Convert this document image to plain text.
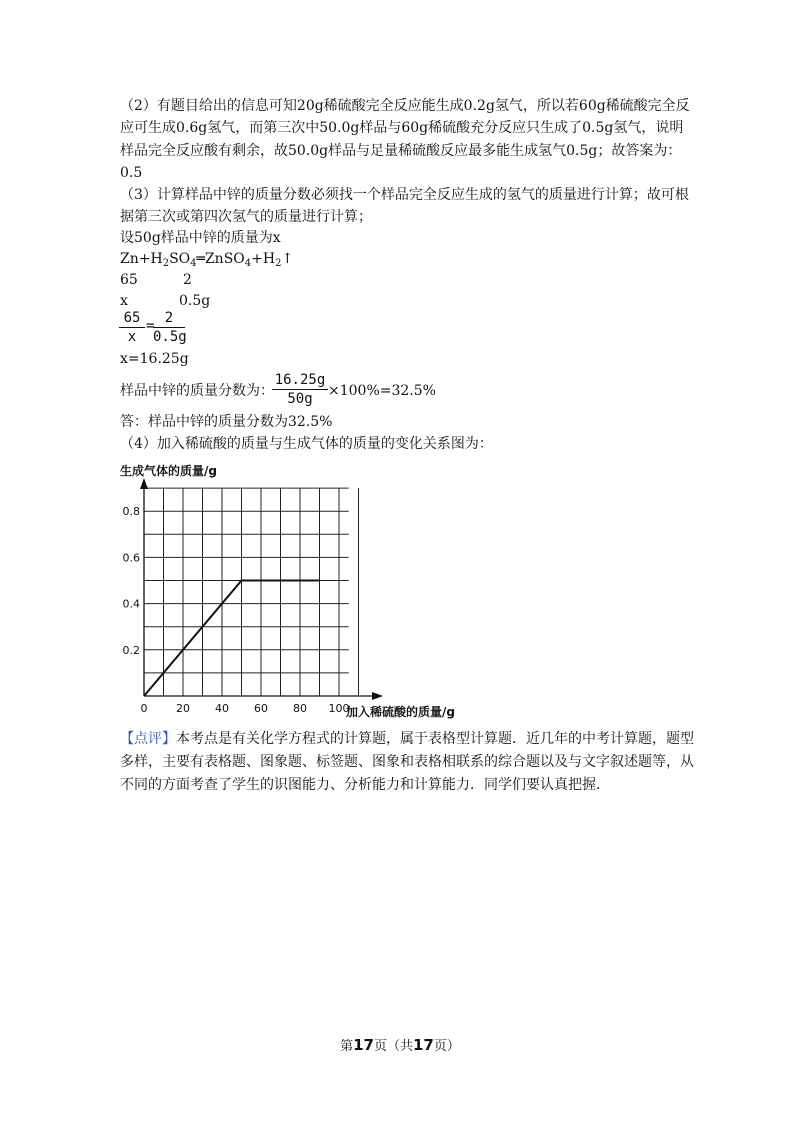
（2）有题目给出的信息可知20g稀硫酸完全反应能生成0.2g氢气，所以若60g稀硫酸完全反
应可生成0.6g氢气，而第三次中50.0g样品与60g稀硫酸充分反应只生成了0.5g氢气，说明
样品完全反应酸有剩余，故50.0g样品与足量稀硫酸反应最多能生成氢气0.5g；故答案为：
0.5
（3）计算样品中锌的质量分数必须找一个样品完全反应生成的氢气的质量进行计算；故可根
据第三次或第四次氢气的质量进行计算；
设50g样品中锌的质量为x
$Zn+H_2SO_4═ZnSO_4+H_2↑$
65	2
x	0.5g
65
x
= 2
0.5g
x=16.25g
样品中锌的质量分数为：
16.25g
50g	×100%=32.5%
答：样品中锌的质量分数为32.5%
（4）加入稀硫酸的质量与生成气体的质量的变化关系图为：
0	20 40 60 80 100
0.2
0.4
0.6
0.8
生成气体的质量/g
加入稀硫酸的质量/g
【点评】本考点是有关化学方程式的计算题，属于表格型计算题．近几年的中考计算题，题型
多样，主要有表格题、图象题、标签题、图象和表格相联系的综合题以及与文字叙述题等，从
不同的方面考查了学生的识图能力、分析能力和计算能力．同学们要认真把握．
第17页（共17页）
